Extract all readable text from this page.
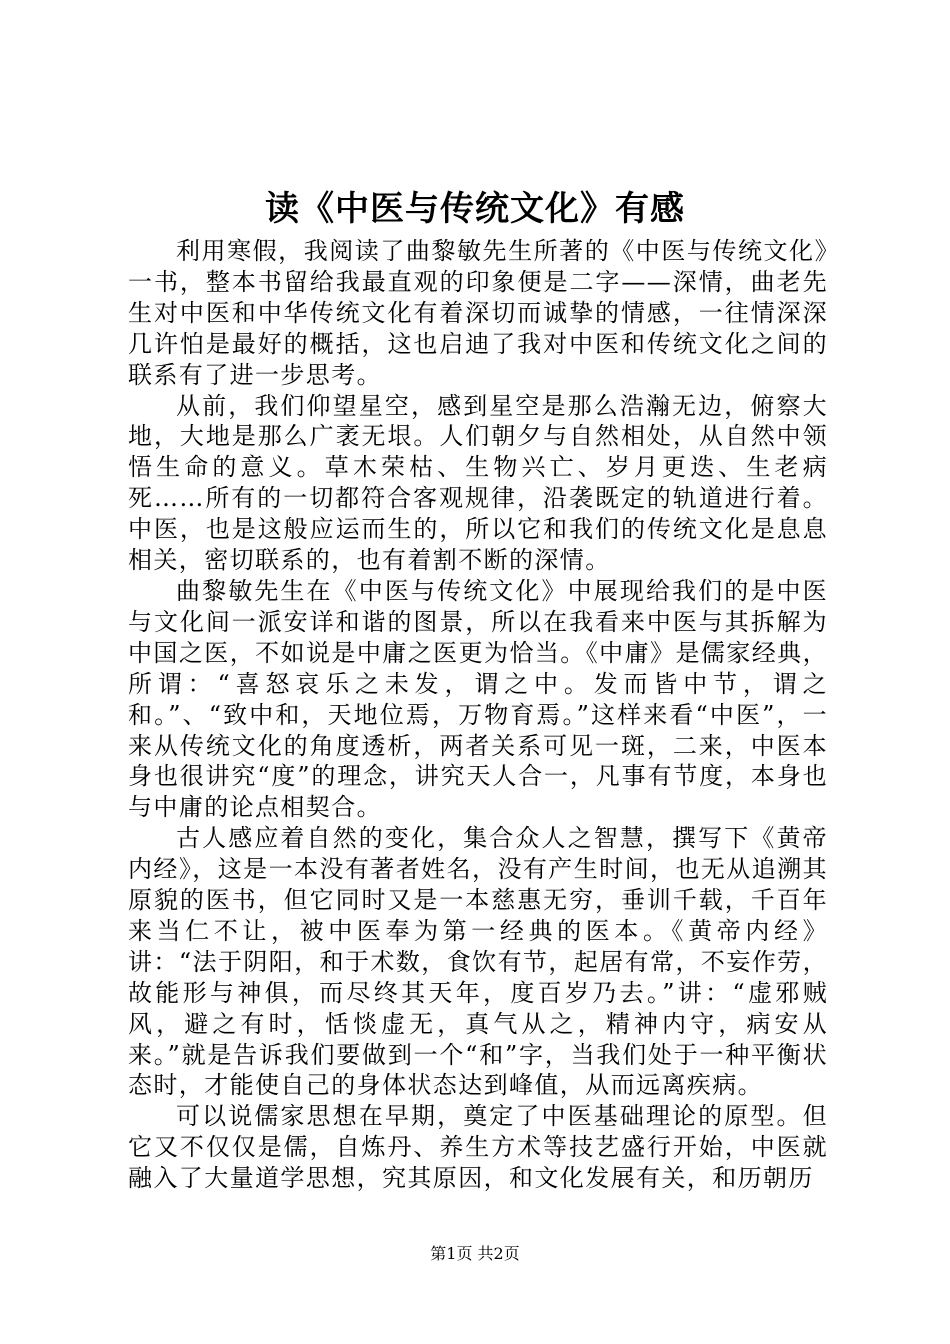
读《中医与传统文化》有感

利用寒假，我阅读了曲黎敏先生所著的《中医与传统文化》一书，整本书留给我最直观的印象便是二字——深情，曲老先生对中医和中华传统文化有着深切而诚挚的情感，一往情深深几许怕是最好的概括，这也启迪了我对中医和传统文化之间的联系有了进一步思考。

从前，我们仰望星空，感到星空是那么浩瀚无边，俯察大地，大地是那么广袤无垠。人们朝夕与自然相处，从自然中领悟生命的意义。草木荣枯、生物兴亡、岁月更迭、生老病死……所有的一切都符合客观规律，沿袭既定的轨道进行着。中医，也是这般应运而生的，所以它和我们的传统文化是息息相关，密切联系的，也有着割不断的深情。

曲黎敏先生在《中医与传统文化》中展现给我们的是中医与文化间一派安详和谐的图景，所以在我看来中医与其拆解为中国之医，不如说是中庸之医更为恰当。《中庸》是儒家经典，所谓：“喜怒哀乐之未发，谓之中。发而皆中节，谓之和。”、“致中和，天地位焉，万物育焉。”这样来看“中医”，一来从传统文化的角度透析，两者关系可见一斑，二来，中医本身也很讲究“度”的理念，讲究天人合一，凡事有节度，本身也与中庸的论点相契合。

古人感应着自然的变化，集合众人之智慧，撰写下《黄帝内经》，这是一本没有著者姓名，没有产生时间，也无从追溯其原貌的医书，但它同时又是一本慈惠无穷，垂训千载，千百年来当仁不让，被中医奉为第一经典的医本。《黄帝内经》讲：“法于阴阳，和于术数，食饮有节，起居有常，不妄作劳，故能形与神俱，而尽终其天年，度百岁乃去。”讲：“虚邪贼风，避之有时，恬惔虚无，真气从之，精神内守，病安从来。”就是告诉我们要做到一个“和”字，当我们处于一种平衡状态时，才能使自己的身体状态达到峰值，从而远离疾病。

可以说儒家思想在早期，奠定了中医基础理论的原型。但它又不仅仅是儒，自炼丹、养生方术等技艺盛行开始，中医就融入了大量道学思想，究其原因，和文化发展有关，和历朝历

第1页 共2页
